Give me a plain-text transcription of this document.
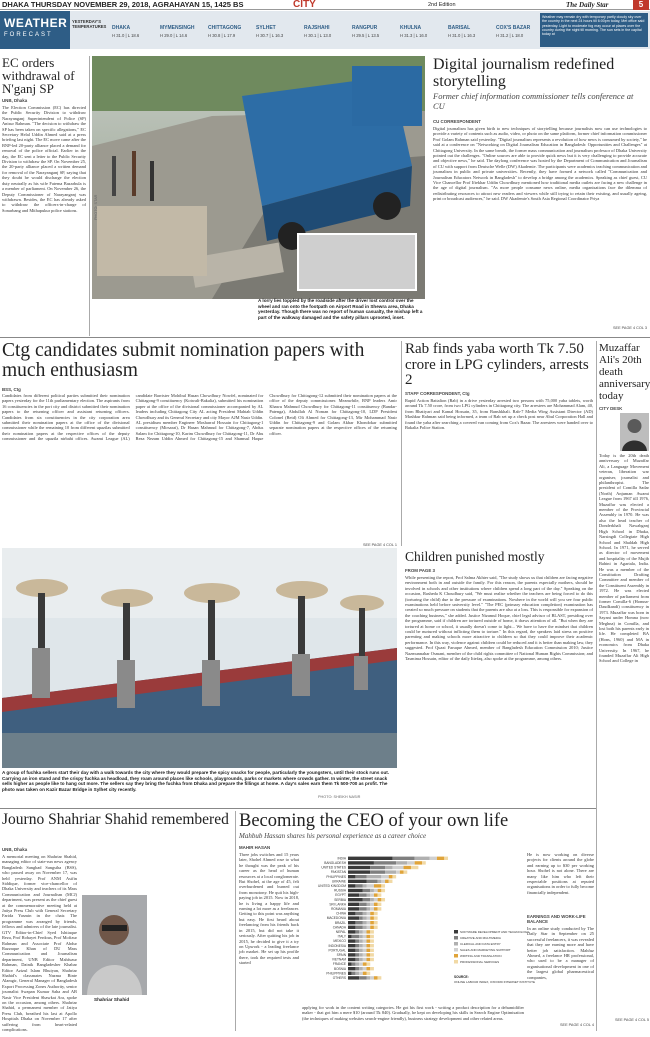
DHAKA THURSDAY NOVEMBER 29, 2018, AGRAHAYAN 15, 1425 BS	CITY	2nd Edition	The Daily Star	5
WEATHER
FORECAST
YESTERDAY'S TEMPERATURES	DHAKA
H 31.0 | L 18.6
MYMENSINGH
H 29.0 | L 14.6
CHITTAGONG
H 30.8 | L 17.9
SYLHET
H 30.7 | L 16.3
RAJSHAHI
H 30.1 | L 13.0
RANGPUR
H 29.5 | L 13.5
KHULNA
H 31.3 | L 16.0
BARISAL
H 31.0 | L 16.3
COX'S BAZAR
H 31.2 | L 18.0
Weather may remain dry with temporary partly cloudy sky over the country in the next 24 hours till 6:00pm today, Met office said yesterday. Light to moderate fog may occur at places over the country during the night till morning. The sun sets in the capital today at
EC orders withdrawal of N'ganj SP
UNB, Dhaka
The Election Commission (EC) has directed the Public Security Division to withdraw Narayanganj Superintendent of Police (SP) Anisur Rahman. "The decision to withdraw the SP has been taken on specific allegations," EC Secretary Helal Uddin Ahmed said at a press briefing last night. The EC move came after the BNP-led 20-party alliance placed a demand for removal of the police official. Earlier in the day, the EC sent a letter to the Public Security Division to withdraw the SP. On November 25, the 20-party alliance placed a written demand for removal of the Narayanganj SP, saying that they doubt he would discharge the election duty neutrally as his wife Fatema Bazarbula is a member of parliament. On November 26, the Deputy Commissioner of Narayanganj was withdrawn. Besides, the EC has already asked to withdraw the officers-in-charge of Sonarbang and Mithapukur police stations.	PHOTO: STAR
A lorry lies toppled by the roadside after the driver lost control over the wheel and ran onto the footpath on Airport Road in Shewra area, Dhaka yesterday. Though there was no report of human casualty, the mishap left a part of the walkway damaged and the safety pillars uprooted, inset.
Digital journalism redefined storytelling
Former chief information commissioner tells conference at CU
CU CORRESPONDENT
Digital journalism has given birth to new techniques of storytelling because journalists now can use technologies to provide a variety of contents such as audio, video, or photo on the same platform, former chief information commissioner Prof Golam Rahman said yesterday. "Digital journalism represents a revolution of how news is consumed by society," he said at a conference on "Networking on Digital Journalism Education in Bangladesh: Opportunities and Challenges" at Chittagong University. In the same breath, the former mass communication and journalism professor of Dhaka University pointed out the challenges. "Online sources are able to provide quick news but it is very challenging to provide accurate and objective news," he said. The daylong conference was hosted by the Department of Communication and Journalism of CU with support from Deutsche Welle (DW) Akademie. The participants were academics teaching communication and journalism in public and private universities. Recently, they have formed a network called "Communication and Journalism Educators Network in Bangladesh" to develop a bridge among the academics. Speaking as chief guest, CU Vice Chancellor Prof Iftekhar Uddin Chowdhury mentioned how traditional media outlets are facing a new challenge in the age of digital journalism. "As more people consume news online, media organisations face the dilemma of redistributing resources to attract new readers and viewers while still trying to retain their existing, and usually ageing, print or broadcast audiences," he said. DW Akademie's South Asia Regional Coordinator Priya
SEE PAGE 4 COL 3
Ctg candidates submit nomination papers with much enthusiasm
BSS, Ctg
Candidates from different political parties submitted their nomination papers yesterday for the 11th parliamentary election. The aspirants from 16 constituencies in the port city and district submitted their nomination papers to the returning officer and assistant returning officers. Candidates from six constituencies in the city corporation area submitted their nomination papers at the office of the divisional commissioner while the remaining 10 from different upazilas submitted their nomination papers at the respective offices of the deputy commissioner and the upazila nirbahi offices. Awami League (AL) candidate Barrister Mohibul Hasan Chowdhury Nowfel, nominated for Chittagong-9 constituency (Kotwali-Bakalia), submitted his nomination paper at the office of the divisional commissioner accompanied by AL leaders including Chittagong City AL acting President Mahtab Uddin Chowdhury and its General Secretary and city Mayor AJM Nasir Uddin. AL presidium member Engineer Mosharraf Hossain for Chittagong-1 constituency (Mirsarai), Dr Hasan Mahmud for Chittagong-7, Abdus Salam for Chittagong-10, Karim Chowdhury for Chittagong-11, Dr Abu Reza Nezam Uddin Ahmed for Chittagong-15 and Shamsul Haque Chowdhury for Chittagong-12 submitted their nomination papers at the office of the deputy commissioner. Meanwhile, BNP leaders Amir Khasru Mahmud Chowdhury for Chittagong-11 constituency (Bandar-Patenga), Abdullah Al Noman for Chittagong-10, LDP President Colonel (Retd) Oli Ahmed for Chittagong-13, Mir Mohammad Nasir Uddin for Chittagong-9 and Golam Akbar Khondokar submitted separate nomination papers at the respective offices of the returning officer.
SEE PAGE 4 COL 1
Rab finds yaba worth Tk 7.50 crore in LPG cylinders, arrests 2
STAFF CORRESPONDENT, Ctg
Rapid Action Battalion (Rab) in a drive yesterday arrested two persons with 75,000 yaba tablets, worth around Tk 7.50 crore, from two LPG cylinders in Chittagong city. The arrestees are Mohammad Alam, 40, from Bhatiyari and Kamal Hossain, 35, from Banshkhali. Rab-7 Media Wing Assistant Director (AD) Mashkur Rahman said being informed, a team of Rab set up a check post near Abul Corporation Hall and found the yaba after searching a covered van coming from Cox's Bazar. The arrestees were handed over to Bakalia Police Station.
Muzaffar Ali's 20th death anniversary today
CITY DESK
Today is the 20th death anniversary of Muzaffar Ali, a Language Movement veteran, liberation war organiser, journalist and philanthropist. The president of Comilla Sadar (North) Anjuman Awami League from 1967 till 1976, Muzaffar was elected a member of the Provincial Assembly in 1970. He was also the head teacher of Donderkhali Nawabganj High School in Dhaka, Narsingdi Collegiate High School and Shaldah High School. In 1971, he served as director of movement and hospitality of the Mujib Bahini in Agartala, India. He was a member of the Constitution Drafting Committee and member of the Constituent Assembly in 1972. He was elected member of parliament from former Comilla-6 (Homna-Daudkandi) constituency in 1973. Muzaffar was born in Sayani under Homna (now Meghna) in Comilla, and lost both his parents early in life. He completed BA (Hons, 1960) and MA in economics from Dhaka University. In 1967, he founded Muzaffar Ali High School and College in
SEE PAGE 4 COL 5
A group of fuchka sellers start their day with a walk towards the city where they would prepare the spicy snacks for people, particularly the youngsters, until their stock runs out. Carrying an iron stand and the crispy fuchka as headload, they roam around places like schools, playgrounds, parks or markets where crowds gather. In winter, the street snack sells higher as people like to hang out more. The sellers say they bring the fuchka from Dhaka and prepare the fillings at home. A day's sales earn them Tk 500-700 as profit. The photo was taken on Kazir Bazar Bridge in Sylhet city recently.
PHOTO: SHEIKH NASIR
Children punished mostly
FROM PAGE 3
While presenting the report, Prof Salma Akhter said, "The study shows us that children are facing negative environment both in and outside the family. For this reason, the parents especially mothers, should be involved in schools and other institutions where children spend a long part of the day." Speaking on the occasion, Rasheda K Choudhury said, "We must realise whether the teachers are being forced to do this (torturing the child) due to the pressure of examinations. Nowhere in the world will you see four public examinations held before university level." "The PEC (primary education completion) examination has created so much pressure on students that the parents are also at a loss. This is responsible for expansion of the coaching business," she added. Justice Nizamul Hoque, chief legal advisor of BLAST, presiding over the programme, said if children are tortured outside of home, it draws attention of all. "But when they are tortured at home or school, it usually doesn't come to light... We have to have the mindset that children could be nurtured without inflicting them to torture." In this regard, the speakers laid stress on positive parenting and making schools more attractive to children so that they could improve their academic performance. In this way, violence against children could be reduced and it is better than making law, they suggested. Prof Quazi Faruque Ahmed, member of Bangladesh Education Commission 2010; Justice Nazmunnahar Osmani, member of the child rights committee of National Human Rights Commission; and Tasmima Hossain, editor of the daily Ittefaq, also spoke at the programme, among others.
Journo Shahriar Shahid remembered
UNB, Dhaka
A memorial meeting on Shahriar Shahid, managing editor of state-run news agency Bangladesh Sangbad Sangstha (BSS), who passed away on November 17, was held yesterday. Prof ANM Asifin Siddique, former vice-chancellor of Dhaka University and teachers of its Mass Communication and Journalism (MCJ) department, was present as the chief guest at the commemorative meeting held at Jatiya Press Club with General Secretary Farida Yasmin in the chair. The programme was arranged by friends, fellows and admirers of the late journalist. GTV Editor-in-Chief Syed Ishtiaque Reza, Prof Robayet Ferdous, Prof Mofizur Rahman and Associate Prof Abdur Razzaque Khan of DU Mass Communication and Journalism department, UNB Editor Mahfuzur Rahman, Dainik Bangladesher Khabar Editor Azizul Islam Bhuiyan, Shahriar Shahid's classmates Nazma Binte Alamgir, General Manager of Bangladesh Export Processing Zones Authority, senior journalist Swapan Kumar Saha and AB Nasir Vice President Shawkat Ara, spoke on the occasion, among others. Shahriar Shahid, a permanent member of Jatiya Press Club, breathed his last at Apollo Hospitals Dhaka on November 17 after suffering from heart-related complications.
Shahriar Shahid
Becoming the CEO of your own life
Mahbub Hassan shares his personal experience as a career choice
MAHIR HASAN
Three jobs switches and 15 years later, Shohel Ahmed rose to what he thought was the peak of his career as the head of human resources at a local conglomerate. But Shohel, at the age of 45, felt overburdened and burned out from monotony. He quit his high-paying job in 2015. Now in 2018, he is living a happy life and earning a lot more as a freelancer. Getting to this point was anything but easy. He first heard about freelancing from his friends back in 2015, but did not take it seriously. After quitting his job in 2015, he decided to give it a try on Upwork - a leading freelance job market. He set up his profile there, took the required tests and started
INDIA
BANGLADESH
UNITED STATES
PAKISTAN
PHILIPPINES
UKRAINE
UNITED KINGDOM
RUSSIA
EGYPT
SERBIA
SRI LANKA
ROMANIA
CHINA
MACEDONIA
BRAZIL
CANADA
NEPAL
ITALY
MEXICO
INDONESIA
PORTUGAL
SPAIN
VIETNAM
FRANCE
BOSNIA
PHILIPPINES
OTHERS
SOFTWARE DEVELOPMENT AND TECHNOLOGY
CREATIVE AND MULTIMEDIA
CLERICAL AND DATA ENTRY
SALES AND MARKETING SUPPORT
WRITING AND TRANSLATION
PROFESSIONAL SERVICES
SOURCE:
ONLINE LABOUR INDEX, OXFORD INTERNET INSTITUTE
applying for work in the content writing categories. He got his first work - writing a product description for a dehumidifier maker - that got him a mere $10 (around Tk 840). Gradually, he kept on developing his skills in Search Engine Optimisation (the techniques of making websites search-engine friendly), business strategy development and other related areas.
He is now working on diverse projects for clients around the globe and earning up to $30 per working hour. Shohel is not alone. There are many like him who left their respectable positions at reputed organisations in order to fully become financially independent.
EARNINGS AND WORK-LIFE BALANCE
In an online study conducted by The Daily Star in September on 25 successful freelancers, it was revealed that they are earning more and have better job satisfaction. Mahfuz Ahmed, a freelance HR professional, who used to be a manager of organisational development in one of the largest global pharmaceutical companies,
SEE PAGE 4 COL 4
